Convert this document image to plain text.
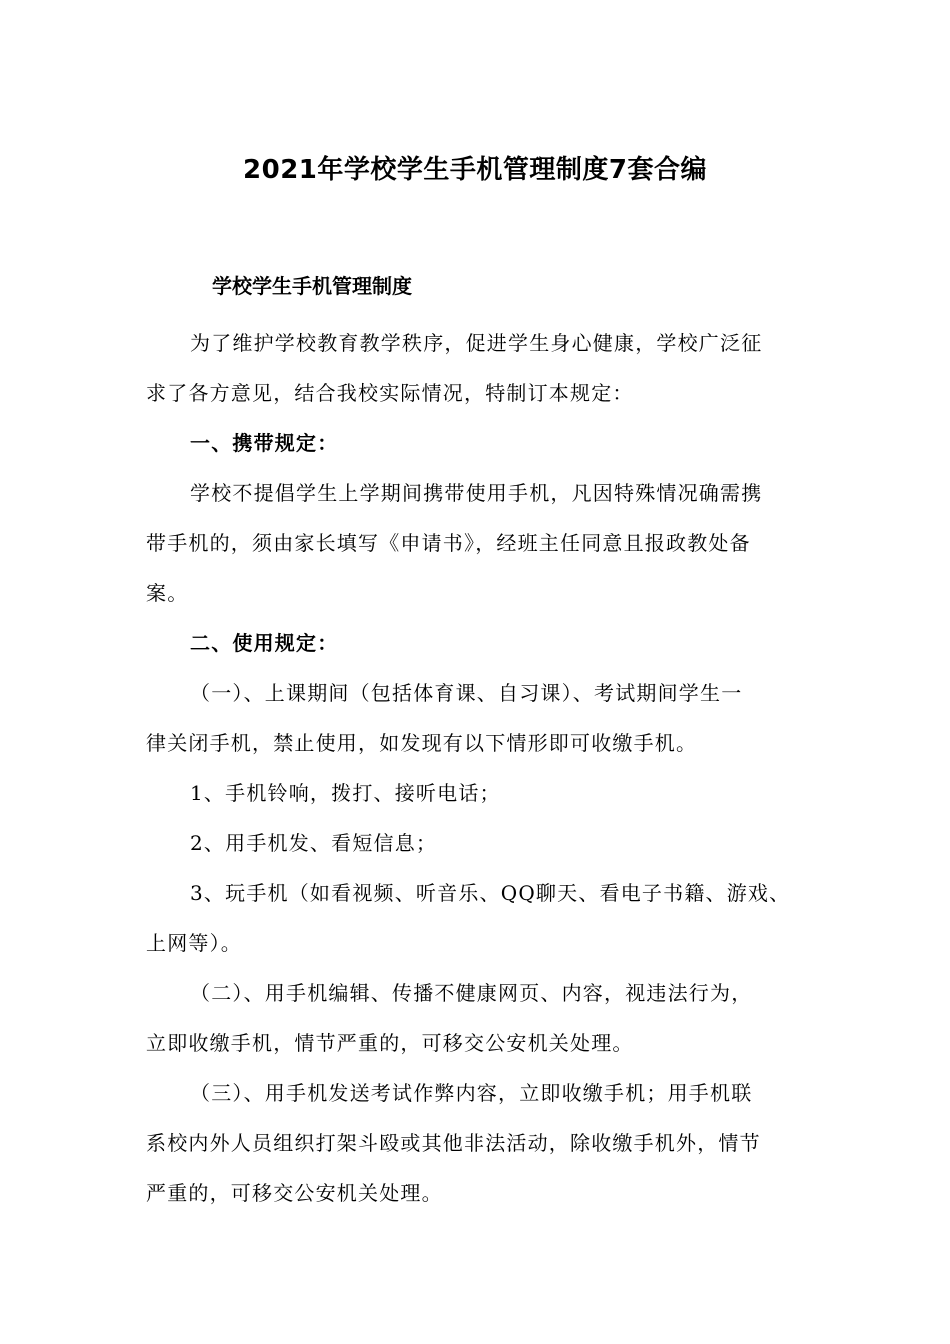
2021年学校学生手机管理制度7套合编
学校学生手机管理制度
为了维护学校教育教学秩序，促进学生身心健康，学校广泛征
求了各方意见，结合我校实际情况，特制订本规定：
一、携带规定：
学校不提倡学生上学期间携带使用手机，凡因特殊情况确需携
带手机的，须由家长填写《申请书》，经班主任同意且报政教处备
案。
二、使用规定：
（一）、上课期间（包括体育课、自习课）、考试期间学生一
律关闭手机，禁止使用，如发现有以下情形即可收缴手机。
1、手机铃响，拨打、接听电话；
2、用手机发、看短信息；
3、玩手机（如看视频、听音乐、QQ聊天、看电子书籍、游戏、
上网等）。
（二）、用手机编辑、传播不健康网页、内容，视违法行为，
立即收缴手机，情节严重的，可移交公安机关处理。
（三）、用手机发送考试作弊内容，立即收缴手机；用手机联
系校内外人员组织打架斗殴或其他非法活动，除收缴手机外，情节
严重的，可移交公安机关处理。
